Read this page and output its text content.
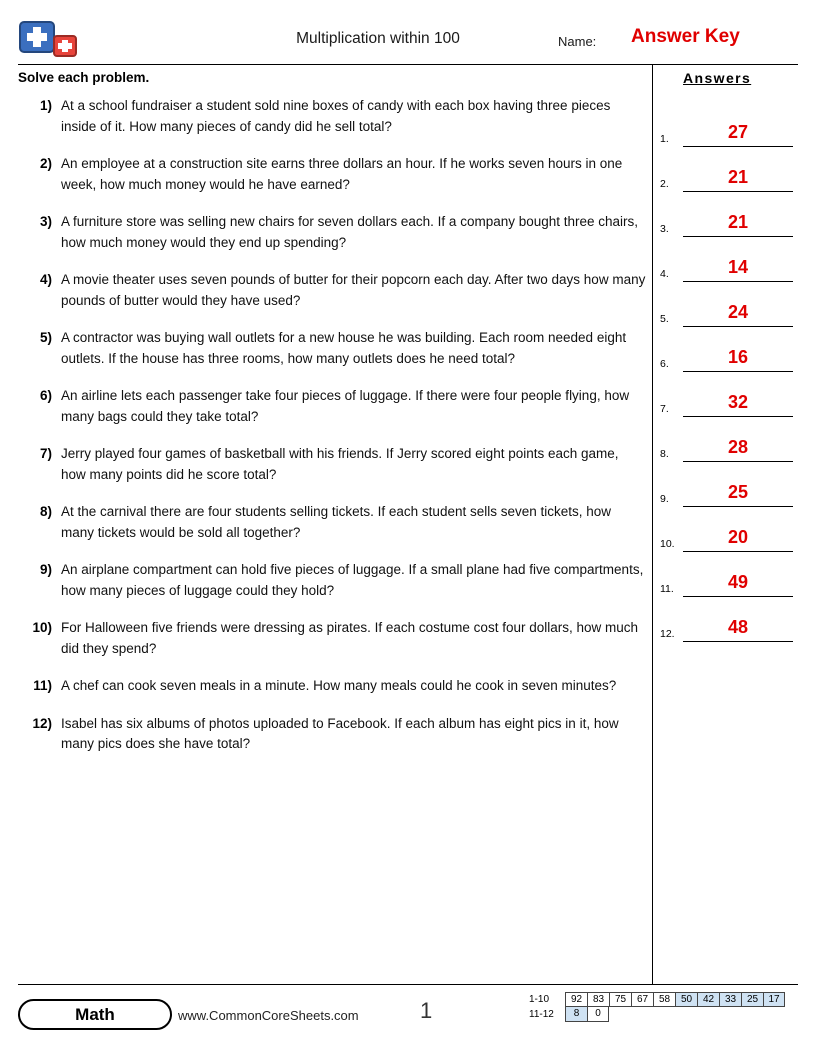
Multiplication within 100	Name: Answer Key
Solve each problem.
1) At a school fundraiser a student sold nine boxes of candy with each box having three pieces inside of it. How many pieces of candy did he sell total?
2) An employee at a construction site earns three dollars an hour. If he works seven hours in one week, how much money would he have earned?
3) A furniture store was selling new chairs for seven dollars each. If a company bought three chairs, how much money would they end up spending?
4) A movie theater uses seven pounds of butter for their popcorn each day. After two days how many pounds of butter would they have used?
5) A contractor was buying wall outlets for a new house he was building. Each room needed eight outlets. If the house has three rooms, how many outlets does he need total?
6) An airline lets each passenger take four pieces of luggage. If there were four people flying, how many bags could they take total?
7) Jerry played four games of basketball with his friends. If Jerry scored eight points each game, how many points did he score total?
8) At the carnival there are four students selling tickets. If each student sells seven tickets, how many tickets would be sold all together?
9) An airplane compartment can hold five pieces of luggage. If a small plane had five compartments, how many pieces of luggage could they hold?
10) For Halloween five friends were dressing as pirates. If each costume cost four dollars, how much did they spend?
11) A chef can cook seven meals in a minute. How many meals could he cook in seven minutes?
12) Isabel has six albums of photos uploaded to Facebook. If each album has eight pics in it, how many pics does she have total?
Answers
1.	27
2.	21
3.	21
4.	14
5.	24
6.	16
7.	32
8.	28
9.	25
10.	20
11.	49
12.	48
Math	www.CommonCoreSheets.com	1	1-10	92	83	75	67	58	50	42	33	25	17
11-12	8	0
